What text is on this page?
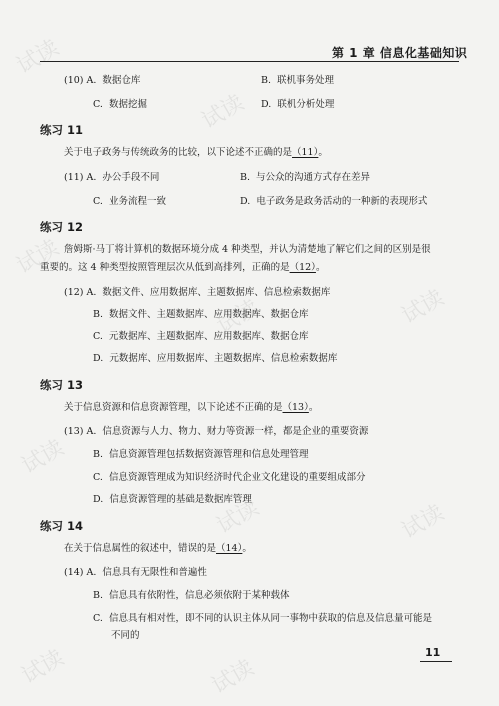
试读
试读
试读
试读	试读
试读
试读	试读
试读	试读
第 1 章 信息化基础知识
(10) A. 数据仓库	B. 联机事务处理
C. 数据挖掘	D. 联机分析处理
练习 11
关于电子政务与传统政务的比较，以下论述不正确的是（11）。
(11) A. 办公手段不同	B. 与公众的沟通方式存在差异
C. 业务流程一致	D. 电子政务是政务活动的一种新的表现形式
练习 12
詹姆斯·马丁将计算机的数据环境分成 4 种类型，并认为清楚地了解它们之间的区别是很
重要的。这 4 种类型按照管理层次从低到高排列，正确的是（12）。
(12) A. 数据文件、应用数据库、主题数据库、信息检索数据库
B. 数据文件、主题数据库、应用数据库、数据仓库
C. 元数据库、主题数据库、应用数据库、数据仓库
D. 元数据库、应用数据库、主题数据库、信息检索数据库
练习 13
关于信息资源和信息资源管理，以下论述不正确的是（13）。
(13) A. 信息资源与人力、物力、财力等资源一样，都是企业的重要资源
B. 信息资源管理包括数据资源管理和信息处理管理
C. 信息资源管理成为知识经济时代企业文化建设的重要组成部分
D. 信息资源管理的基础是数据库管理
练习 14
在关于信息属性的叙述中，错误的是（14）。
(14) A. 信息具有无限性和普遍性
B. 信息具有依附性，信息必须依附于某种载体
C. 信息具有相对性，即不同的认识主体从同一事物中获取的信息及信息量可能是
不同的
11
